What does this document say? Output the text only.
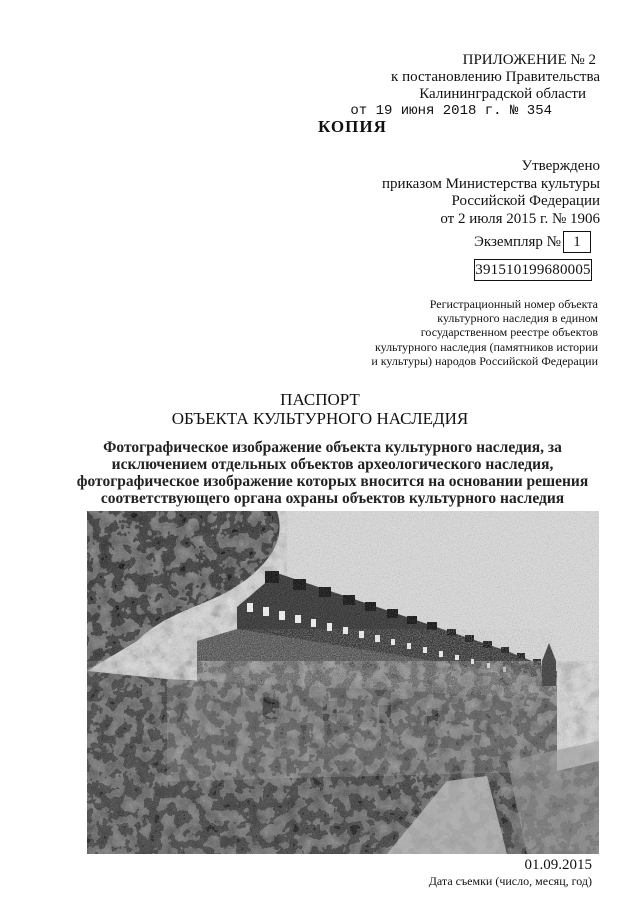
ПРИЛОЖЕНИЕ № 2
к постановлению Правительства
Калининградской области
от 19 июня 2018 г. № 354
КОПИЯ
Утверждено
приказом Министерства культуры
Российской Федерации
от 2 июля 2015 г. № 1906
Экземпляр № 1
391510199680005
Регистрационный номер объекта
культурного наследия в едином
государственном реестре объектов
культурного наследия (памятников истории
и культуры) народов Российской Федерации
ПАСПОРТ
ОБЪЕКТА КУЛЬТУРНОГО НАСЛЕДИЯ
Фотографическое изображение объекта культурного наследия, за
исключением отдельных объектов археологического наследия,
фотографическое изображение которых вносится на основании решения
соответствующего органа охраны объектов культурного наследия
01.09.2015
Дата съемки (число, месяц, год)
